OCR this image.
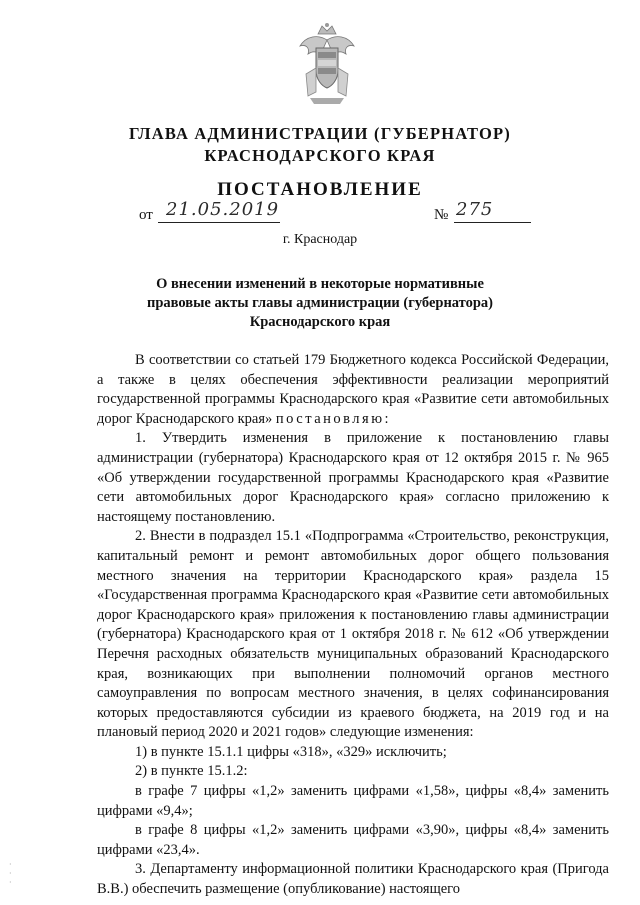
ГЛАВА АДМИНИСТРАЦИИ (ГУБЕРНАТОР)
КРАСНОДАРСКОГО КРАЯ
ПОСТАНОВЛЕНИЕ
от 21.05.2019	№ 275
г. Краснодар
О внесении изменений в некоторые нормативные
правовые акты главы администрации (губернатора)
Краснодарского края

В соответствии со статьей 179 Бюджетного кодекса Российской Федерации, а также в целях обеспечения эффективности реализации мероприятий государственной программы Краснодарского края «Развитие сети автомобильных дорог Краснодарского края» постановляю:

1. Утвердить изменения в приложение к постановлению главы администрации (губернатора) Краснодарского края от 12 октября 2015 г. № 965 «Об утверждении государственной программы Краснодарского края «Развитие сети автомобильных дорог Краснодарского края» согласно приложению к настоящему постановлению.

2. Внести в подраздел 15.1 «Подпрограмма «Строительство, реконструкция, капитальный ремонт и ремонт автомобильных дорог общего пользования местного значения на территории Краснодарского края» раздела 15 «Государственная программа Краснодарского края «Развитие сети автомобильных дорог Краснодарского края» приложения к постановлению главы администрации (губернатора) Краснодарского края от 1 октября 2018 г. № 612 «Об утверждении Перечня расходных обязательств муниципальных образований Краснодарского края, возникающих при выполнении полномочий органов местного самоуправления по вопросам местного значения, в целях софинансирования которых предоставляются субсидии из краевого бюджета, на 2019 год и на плановый период 2020 и 2021 годов» следующие изменения:

1) в пункте 15.1.1 цифры «318», «329» исключить;

2) в пункте 15.1.2:

в графе 7 цифры «1,2» заменить цифрами «1,58», цифры «8,4» заменить цифрами «9,4»;

в графе 8 цифры «1,2» заменить цифрами «3,90», цифры «8,4» заменить цифрами «23,4».

3. Департаменту информационной политики Краснодарского края (Пригода В.В.) обеспечить размещение (опубликование) настоящего

·
·
·
